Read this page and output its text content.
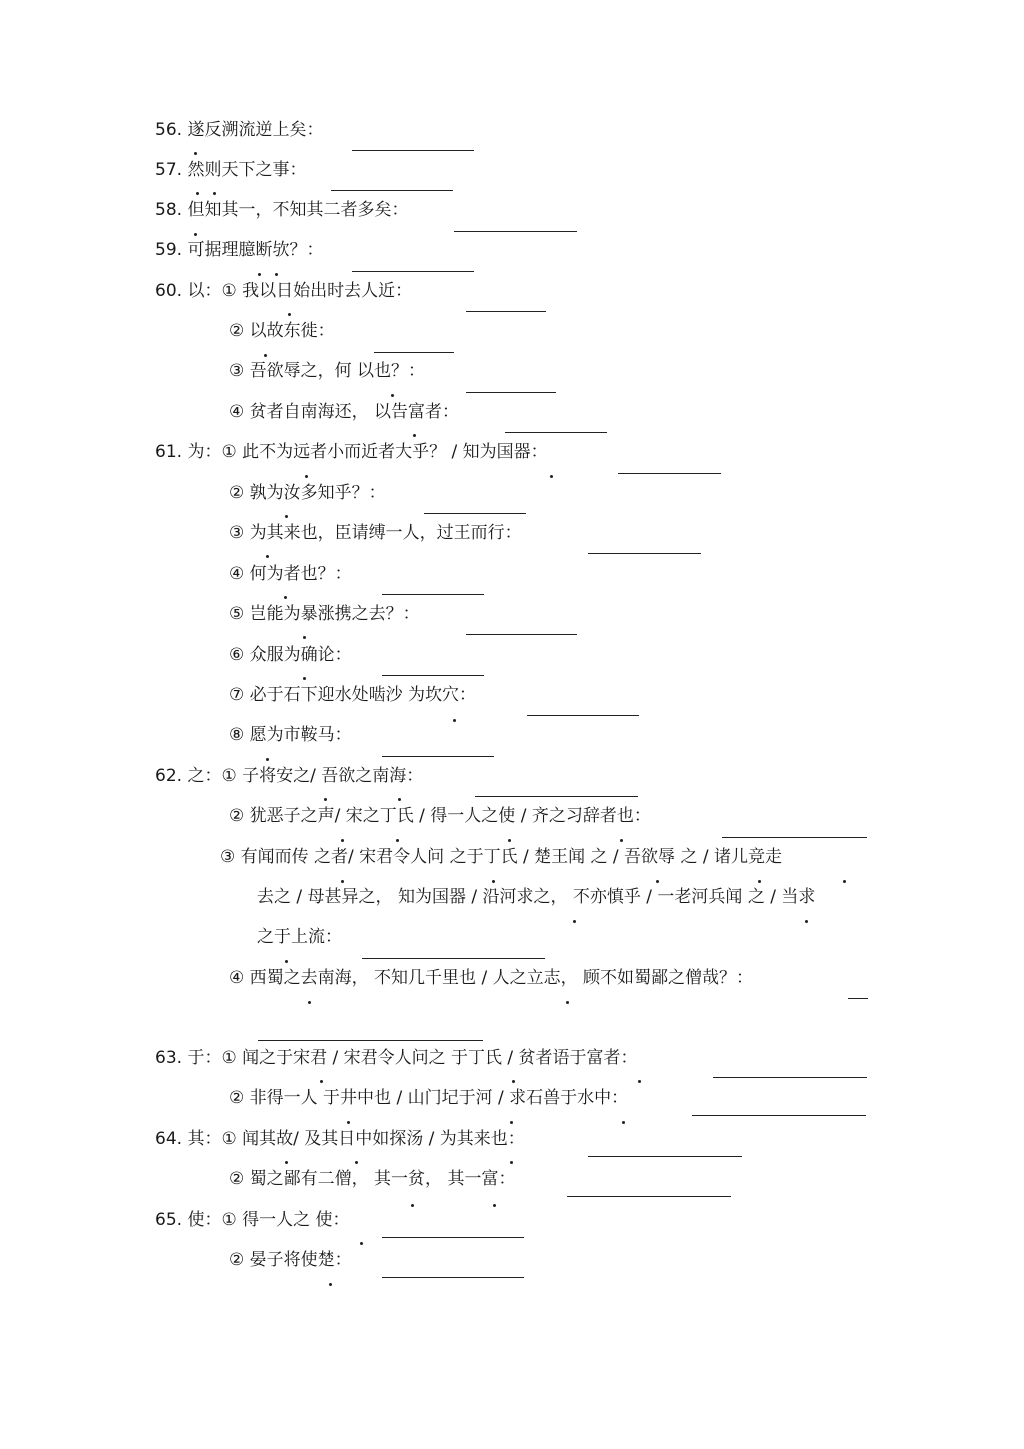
56. 遂反溯流逆上矣：
57. 然则天下之事：
58. 但知其一，不知其二者多矣：
59. 可据理臆断欤？：
60. 以：① 我以日始出时去人近：
② 以故东徙：
③ 吾欲辱之，何 以也？：
④ 贫者自南海还， 以告富者：
61. 为：① 此不为远者小而近者大乎？ / 知为国器：
② 孰为汝多知乎？：
③ 为其来也，臣请缚一人，过王而行：
④ 何为者也？：
⑤ 岂能为暴涨携之去？：
⑥ 众服为确论：
⑦ 必于石下迎水处啮沙 为坎穴：
⑧ 愿为市鞍马：
62. 之：① 子将安之/ 吾欲之南海：
② 犹恶子之声/ 宋之丁氏 / 得一人之使 / 齐之习辞者也：
③ 有闻而传 之者/ 宋君令人问 之于丁氏 / 楚王闻 之 / 吾欲辱 之 / 诸儿竞走
去之 / 母甚异之， 知为国器 / 沿河求之， 不亦慎乎 / 一老河兵闻 之 / 当求
之于上流：
④ 西蜀之去南海， 不知几千里也 / 人之立志， 顾不如蜀鄙之僧哉？：
63. 于：① 闻之于宋君 / 宋君令人问之 于丁氏 / 贫者语于富者：
② 非得一人 于井中也 / 山门圮于河 / 求石兽于水中：
64. 其：① 闻其故/ 及其日中如探汤 / 为其来也：
② 蜀之鄙有二僧， 其一贫， 其一富：
65. 使：① 得一人之 使：
② 晏子将使楚：
